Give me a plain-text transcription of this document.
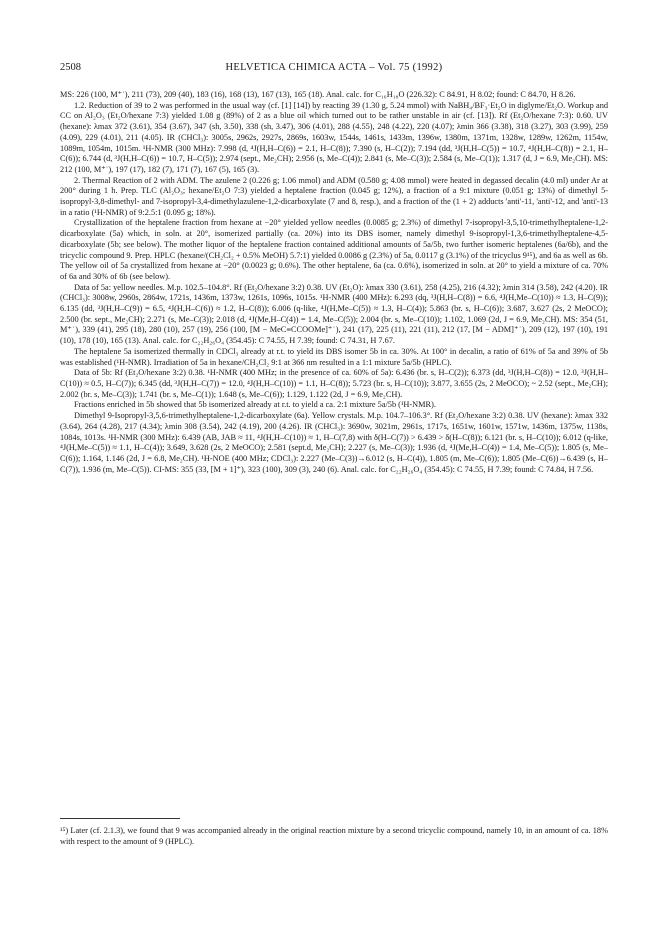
2508	HELVETICA CHIMICA ACTA – Vol. 75 (1992)

MS: 226 (100, M⁺˙), 211 (73), 209 (40), 183 (16), 168 (13), 167 (13), 165 (18). Anal. calc. for C₁₆H₁₈O (226.32): C 84.91, H 8.02; found: C 84.70, H 8.26.

1.2. Reduction of 39 to 2 was performed in the usual way (cf. [1] [14]) by reacting 39 (1.30 g, 5.24 mmol) with NaBH₄/BF₃·Et₂O in diglyme/Et₂O. Workup and CC on Al₂O₃ (Et₂O/hexane 7:3) yielded 1.08 g (89%) of 2 as a blue oil which turned out to be rather unstable in air (cf. [13]). Rf (Et₂O/hexane 7:3): 0.60. UV (hexane): λmax 372 (3.61), 354 (3.67), 347 (sh, 3.50), 338 (sh, 3.47), 306 (4.01), 288 (4.55), 248 (4.22), 220 (4.07); λmin 366 (3.38), 318 (3.27), 303 (3.99), 259 (4.09), 229 (4.01), 211 (4.05). IR (CHCl₃): 3005s, 2962s, 2927s, 2869s, 1603w, 1544s, 1461s, 1433m, 1396w, 1380m, 1371m, 1328w, 1289w, 1262m, 1154w, 1089m, 1054m, 1015m. ¹H-NMR (300 MHz): 7.998 (d, ⁴J(H,H–C(6)) = 2.1, H–C(8)); 7.390 (s, H–C(2)); 7.194 (dd, ³J(H,H–C(5)) = 10.7, ⁴J(H,H–C(8)) = 2.1, H–C(6)); 6.744 (d, ³J(H,H–C(6)) = 10.7, H–C(5)); 2.974 (sept., Me₂CH); 2.956 (s, Me–C(4)); 2.841 (s, Me–C(3)); 2.584 (s, Me–C(1)); 1.317 (d, J = 6.9, Me₂CH). MS: 212 (100, M⁺˙), 197 (17), 182 (7), 171 (7), 167 (5), 165 (3).

2. Thermal Reaction of 2 with ADM. The azulene 2 (0.226 g; 1.06 mmol) and ADM (0.580 g; 4.08 mmol) were heated in degassed decalin (4.0 ml) under Ar at 200° during 1 h. Prep. TLC (Al₂O₃; hexane/Et₂O 7:3) yielded a heptalene fraction (0.045 g; 12%), a fraction of a 9:1 mixture (0.051 g; 13%) of dimethyl 5-isopropyl-3,8-dimethyl- and 7-isopropyl-3,4-dimethylazulene-1,2-dicarboxylate (7 and 8, resp.), and a fraction of the (1 + 2) adducts 'anti'-11, 'anti'-12, and 'anti'-13 in a ratio (¹H-NMR) of 9:2.5:1 (0.095 g; 18%).

Crystallization of the heptalene fraction from hexane at −20° yielded yellow needles (0.0085 g; 2.3%) of dimethyl 7-isopropyl-3,5,10-trimethylheptalene-1,2-dicarboxylate (5a) which, in soln. at 20°, isomerized partially (ca. 20%) into its DBS isomer, namely dimethyl 9-isopropyl-1,3,6-trimethylheptalene-4,5-dicarboxylate (5b; see below). The mother liquor of the heptalene fraction contained additional amounts of 5a/5b, two further isomeric heptalenes (6a/6b), and the tricyclic compound 9. Prep. HPLC (hexane/(CH₂Cl₂ + 0.5% MeOH) 5.7:1) yielded 0.0086 g (2.3%) of 5a, 0.0117 g (3.1%) of the tricyclus 9¹⁵), and 6a as well as 6b. The yellow oil of 5a crystallized from hexane at −20° (0.0023 g; 0.6%). The other heptalene, 6a (ca. 0.6%), isomerized in soln. at 20° to yield a mixture of ca. 70% of 6a and 30% of 6b (see below).

Data of 5a: yellow needles. M.p. 102.5–104.8°. Rf (Et₂O/hexane 3:2) 0.38. UV (Et₂O): λmax 330 (3.61), 258 (4.25), 216 (4.32); λmin 314 (3.58), 242 (4.20). IR (CHCl₃): 3008w, 2960s, 2864w, 1721s, 1436m, 1373w, 1261s, 1096s, 1015s. ¹H-NMR (400 MHz): 6.293 (dq, ³J(H,H–C(8)) = 6.6, ⁴J(H,Me–C(10)) ≈ 1.3, H–C(9)); 6.135 (dd, ³J(H,H–C(9)) = 6.5, ⁴J(H,H–C(6)) ≈ 1.2, H–C(8)); 6.006 (q-like, ⁴J(H,Me–C(5)) ≈ 1.3, H–C(4)); 5.863 (br. s, H–C(6)); 3.687, 3.627 (2s, 2 MeOCO); 2.500 (br. sept., Me₂CH); 2.271 (s, Me–C(3)); 2.018 (d, ⁴J(Me,H–C(4)) = 1.4, Me–C(5)); 2.004 (br. s, Me–C(10)); 1.102, 1.069 (2d, J = 6.9, Me₂CH). MS: 354 (51, M⁺˙), 339 (41), 295 (18), 280 (10), 257 (19), 256 (100, [M − MeC≡CCOOMe]⁺˙), 241 (17), 225 (11), 221 (11), 212 (17, [M − ADM]⁺˙), 209 (12), 197 (10), 191 (10), 178 (10), 165 (13). Anal. calc. for C₂₂H₂₆O₄ (354.45): C 74.55, H 7.39; found: C 74.31, H 7.67.

The heptalene 5a isomerized thermally in CDCl₃ already at r.t. to yield its DBS isomer 5b in ca. 30%. At 100° in decalin, a ratio of 61% of 5a and 39% of 5b was established (¹H-NMR). Irradiation of 5a in hexane/CH₂Cl₂ 9:1 at 366 nm resulted in a 1:1 mixture 5a/5b (HPLC).

Data of 5b: Rf (Et₂O/hexane 3:2) 0.38. ¹H-NMR (400 MHz; in the presence of ca. 60% of 5a): 6.436 (br. s, H–C(2)); 6.373 (dd, ³J(H,H–C(8)) = 12.0, ³J(H,H–C(10)) ≈ 0.5, H–C(7)); 6.345 (dd, ³J(H,H–C(7)) = 12.0, ⁴J(H,H–C(10)) = 1.1, H–C(8)); 5.723 (br. s, H–C(10)); 3.877, 3.655 (2s, 2 MeOCO); ~ 2.52 (sept., Me₂CH); 2.002 (br. s, Me–C(3)); 1.741 (br. s, Me–C(1)); 1.648 (s, Me–C(6)); 1.129, 1.122 (2d, J = 6.9, Me₂CH).

Fractions enriched in 5b showed that 5b isomerized already at r.t. to yield a ca. 2:1 mixture 5a/5b (¹H-NMR).

Dimethyl 9-Isopropyl-3,5,6-trimethylheptalene-1,2-dicarboxylate (6a). Yellow crystals. M.p. 104.7–106.3°. Rf (Et₂O/hexane 3:2) 0.38. UV (hexane): λmax 332 (3.64), 264 (4.28), 217 (4.34); λmin 308 (3.54), 242 (4.19), 200 (4.26). IR (CHCl₃): 3690w, 3021m, 2961s, 1717s, 1651w, 1601w, 1571w, 1436m, 1375w, 1138s, 1084s, 1013s. ¹H-NMR (300 MHz): 6.439 (AB, JAB ≈ 11, ⁴J(H,H–C(10)) ≈ 1, H–C(7,8) with δ(H–C(7)) > 6.439 > δ(H–C(8)); 6.121 (br. s, H–C(10)); 6.012 (q-like, ⁴J(H,Me–C(5)) ≈ 1.1, H–C(4)); 3.649, 3.628 (2s, 2 MeOCO); 2.581 (sept.d, Me₂CH); 2.227 (s, Me–C(3)); 1.936 (d, ⁴J(Me,H–C(4)) = 1.4, Me–C(5)); 1.805 (s, Me–C(6)); 1.164, 1.146 (2d, J = 6.8, Me₂CH). ¹H-NOE (400 MHz; CDCl₃): 2.227 (Me–C(3))→6.012 (s, H–C(4)), 1.805 (m, Me–C(6)); 1.805 (Me–C(6))→6.439 (s, H–C(7)), 1.936 (m, Me–C(5)). CI-MS: 355 (33, [M + 1]⁺), 323 (100), 309 (3), 240 (6). Anal. calc. for C₂₂H₂₆O₄ (354.45): C 74.55, H 7.39; found: C 74.84, H 7.56.

¹⁵) Later (cf. 2.1.3), we found that 9 was accompanied already in the original reaction mixture by a second tricyclic compound, namely 10, in an amount of ca. 18% with respect to the amount of 9 (HPLC).
